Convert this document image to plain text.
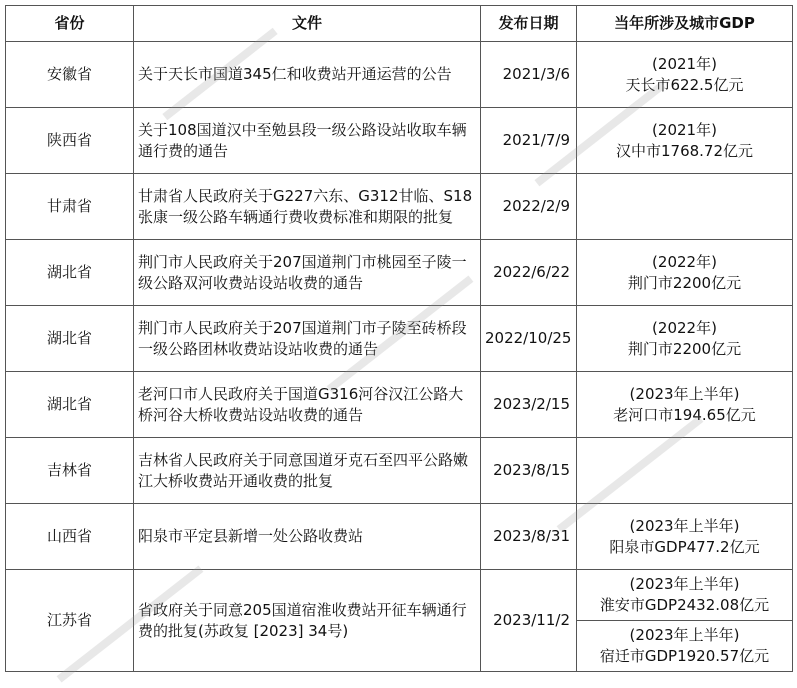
省份	文件	发布日期	当年所涉及城市GDP
安徽省	关于天长市国道345仁和收费站开通运营的公告	2021/3/6	(2021年)
天长市622.5亿元

陕西省	关于108国道汉中至勉县段一级公路设站收取车辆通行费的通告	2021/7/9	(2021年)
汉中市1768.72亿元

甘肃省	甘肃省人民政府关于G227六东、G312甘临、S18张康一级公路车辆通行费收费标准和期限的批复	2022/2/9	

湖北省	荆门市人民政府关于207国道荆门市桃园至子陵一级公路双河收费站设站收费的通告	2022/6/22	(2022年)
荆门市2200亿元

湖北省	荆门市人民政府关于207国道荆门市子陵至砖桥段一级公路团林收费站设站收费的通告	2022/10/25	(2022年)
荆门市2200亿元

湖北省	老河口市人民政府关于国道G316河谷汉江公路大桥河谷大桥收费站设站收费的通告	2023/2/15	(2023年上半年)
老河口市194.65亿元

吉林省	吉林省人民政府关于同意国道牙克石至四平公路嫩江大桥收费站开通收费的批复	2023/8/15	

山西省	阳泉市平定县新增一处公路收费站	2023/8/31	(2023年上半年)
阳泉市GDP477.2亿元

江苏省	省政府关于同意205国道宿淮收费站开征车辆通行费的批复(苏政复 [2023] 34号)	2023/11/2	(2023年上半年)
淮安市GDP2432.08亿元

			(2023年上半年)
宿迁市GDP1920.57亿元
